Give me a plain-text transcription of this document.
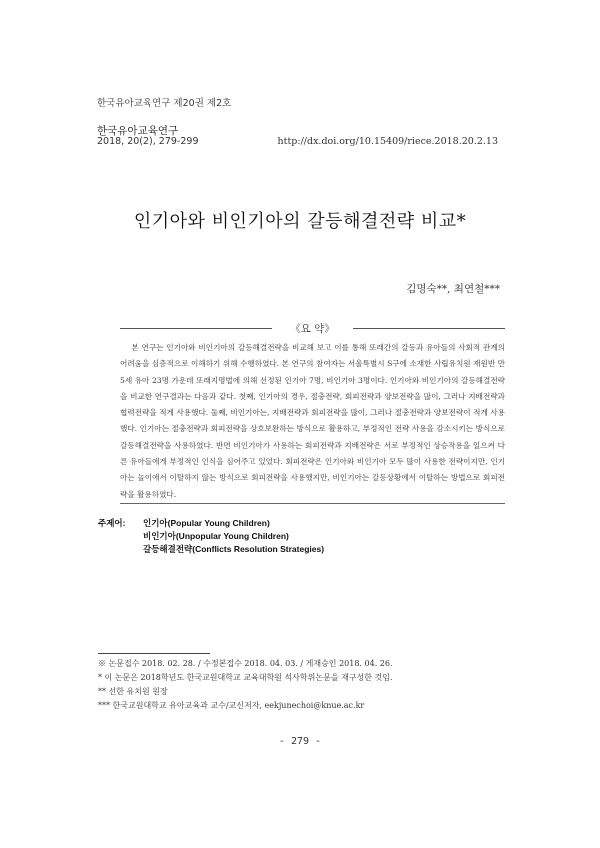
한국유아교육연구 제20권 제2호
한국유아교육연구
2018, 20(2), 279-299	http://dx.doi.org/10.15409/riece.2018.20.2.13
인기아와 비인기아의 갈등해결전략 비교*
김명숙**, 최연철***
《요 약》

본 연구는 인기아와 비인기아의 갈등해결전략을 비교해 보고 이를 통해 또래간의 갈등과 유아들의 사회적 관계의 어려움을 심층적으로 이해하기 위해 수행하였다. 본 연구의 참여자는 서울특별시 S구에 소재한 사립유치원 재원반 만5세 유아 23명 가운데 또래지명법에 의해 선정된 인기아 7명, 비인기아 3명이다. 인기아와 비인기아의 갈등해결전략을 비교한 연구결과는 다음과 같다. 첫째, 인기아의 경우, 절충전략, 회피전략과 양보전략을 많이, 그러나 지배전략과 협력전략을 적게 사용했다. 둘째, 비인기아는, 지배전략과 회피전략을 많이, 그러나 절충전략과 양보전략이 적게 사용했다. 인기아는 절충전략과 회피전략을 상호보완하는 방식으로 활용하고, 부정적인 전략 사용을 감소시키는 방식으로 갈등해결전략을 사용하였다. 반면 비인기아가 사용하는 회피전략과 지배전략은 서로 부정적인 상승작용을 일으켜 다른 유아들에게 부정적인 인식을 심어주고 있었다. 회피전략은 인기아와 비인기아 모두 많이 사용한 전략이지만, 인기아는 놀이에서 이탈하지 않는 방식으로 회피전략을 사용했지만, 비인기아는 갈등상황에서 이탈하는 방법으로 회피전략을 활용하였다.

주제어:	인기아(Popular Young Children)
비인기아(Unpopular Young Children)
갈등해결전략(Conflicts Resolution Strategies)
※ 논문접수 2018. 02. 28. / 수정본접수 2018. 04. 03. / 게재승인 2018. 04. 26.
* 이 논문은 2018학년도 한국교원대학교 교육대학원 석사학위논문을 재구성한 것임.
** 선한 유치원 원장
*** 한국교원대학교 유아교육과 교수/교신저자, eekjunechoi@knue.ac.kr
- 279 -
